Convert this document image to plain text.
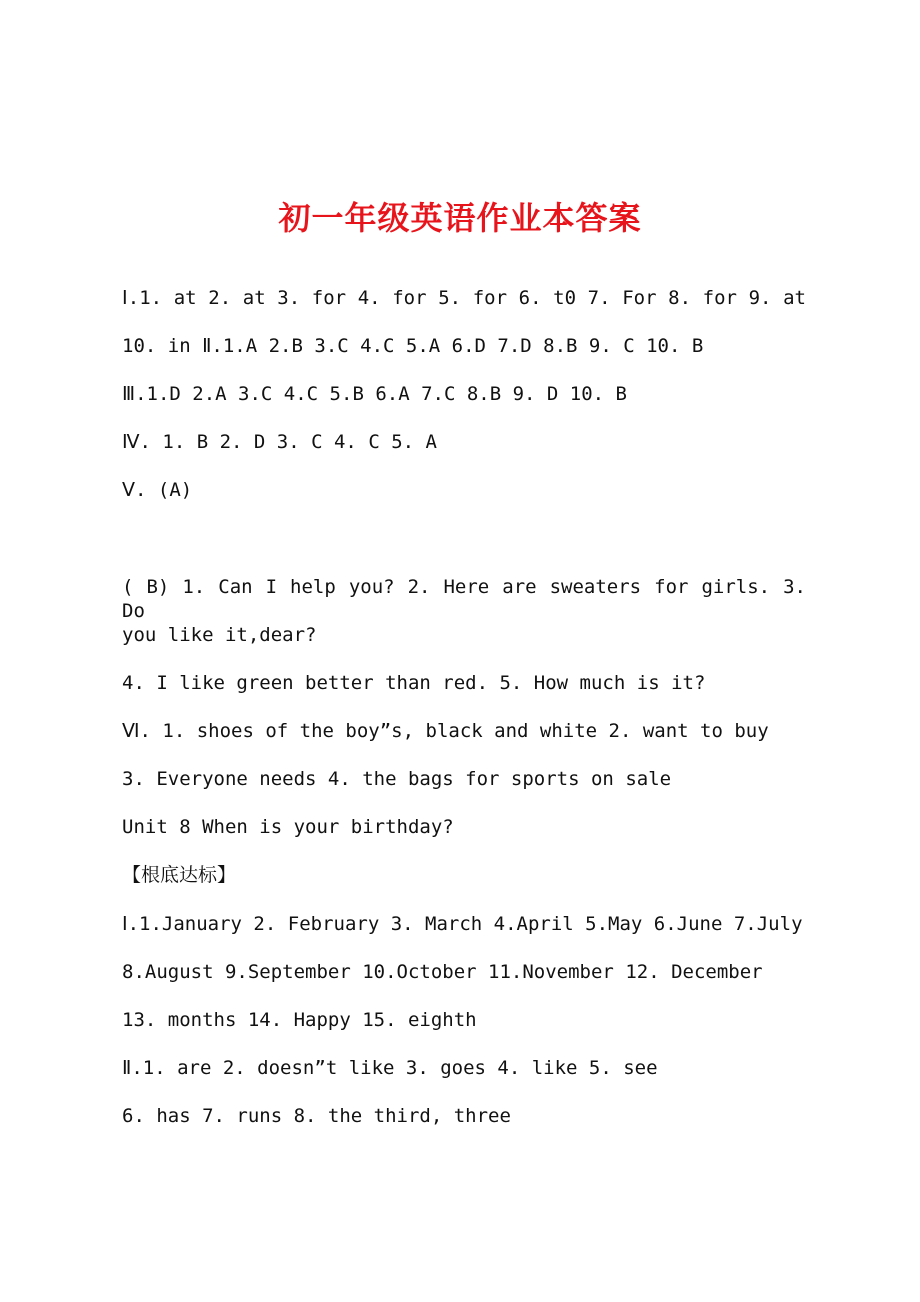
初一年级英语作业本答案
Ⅰ.1. at 2. at 3. for 4. for 5. for 6. t0 7. For 8. for 9. at
10. in Ⅱ.1.A 2.B 3.C 4.C 5.A 6.D 7.D 8.B 9. C 10. B
Ⅲ.1.D 2.A 3.C 4.C 5.B 6.A 7.C 8.B 9. D 10. B
Ⅳ. 1. B 2. D 3. C 4. C 5. A
Ⅴ. (A)
( B) 1. Can I help you? 2. Here are sweaters for girls. 3. Do
you like it,dear?
4. I like green better than red. 5. How much is it?
Ⅵ. 1. shoes of the boy”s, black and white 2. want to buy
3. Everyone needs 4. the bags for sports on sale
Unit 8 When is your birthday?
【根底达标】
Ⅰ.1.January 2. February 3. March 4.April 5.May 6.June 7.July
8.August 9.September 10.October 11.November 12. December
13. months 14. Happy 15. eighth
Ⅱ.1. are 2. doesn”t like 3. goes 4. like 5. see
6. has 7. runs 8. the third, three
